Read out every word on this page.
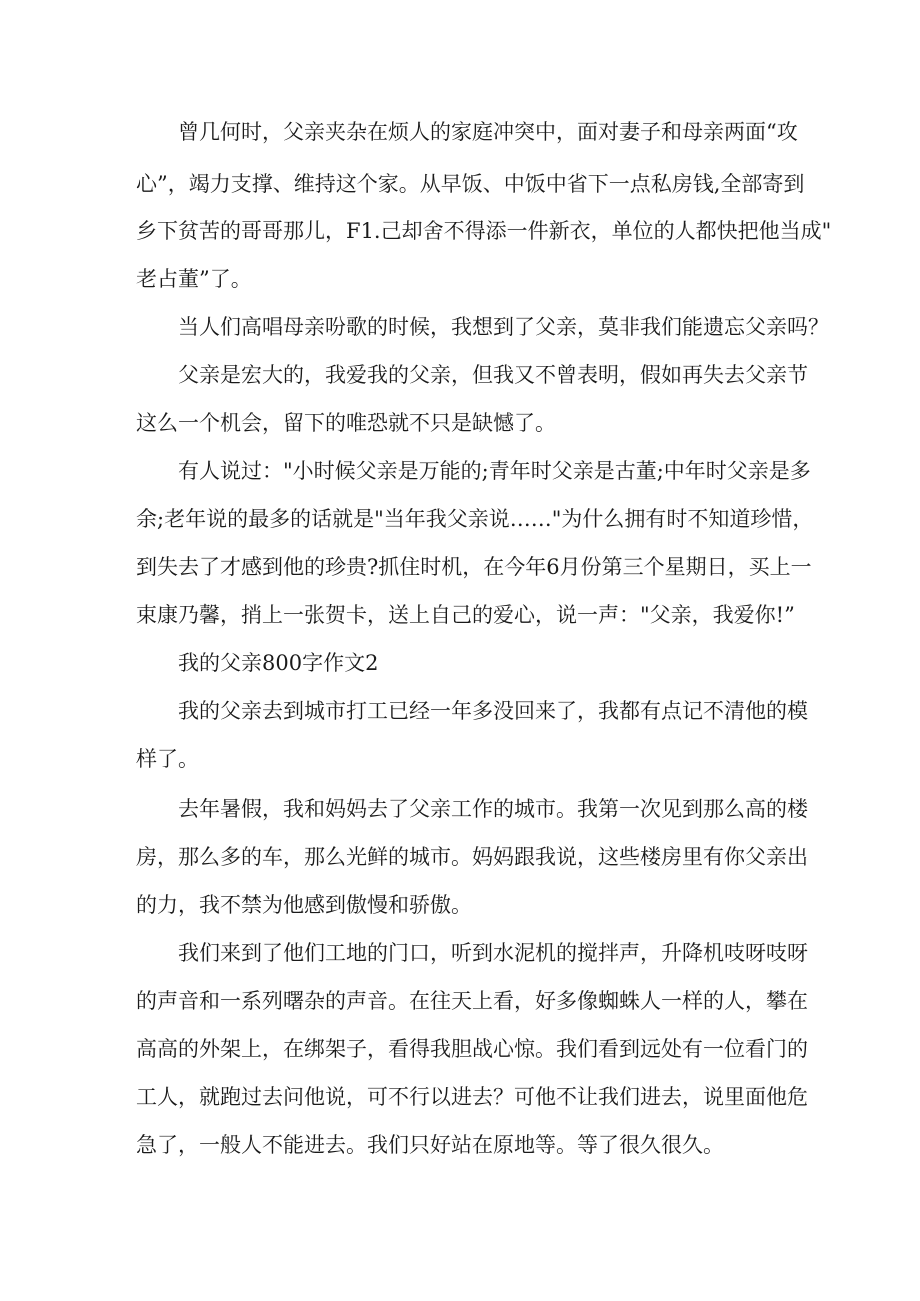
曾几何时，父亲夹杂在烦人的家庭冲突中，面对妻子和母亲两面“攻

心”，竭力支撑、维持这个家。从早饭、中饭中省下一点私房钱,全部寄到

乡下贫苦的哥哥那儿，F1.己却舍不得添一件新衣，单位的人都快把他当成"

老占董”了。

当人们高唱母亲吩歌的时候，我想到了父亲，莫非我们能遗忘父亲吗？

父亲是宏大的，我爱我的父亲，但我又不曾表明，假如再失去父亲节

这么一个机会，留下的唯恐就不只是缺憾了。

有人说过："小时候父亲是万能的;青年时父亲是古董;中年时父亲是多

余;老年说的最多的话就是"当年我父亲说……"为什么拥有时不知道珍惜，

到失去了才感到他的珍贵?抓住时机，在今年6月份第三个星期日，买上一

束康乃馨，捎上一张贺卡，送上自己的爱心，说一声："父亲，我爱你!”

我的父亲800字作文2

我的父亲去到城市打工已经一年多没回来了，我都有点记不清他的模

样了。

去年暑假，我和妈妈去了父亲工作的城市。我第一次见到那么高的楼

房，那么多的车，那么光鲜的城市。妈妈跟我说，这些楼房里有你父亲出

的力，我不禁为他感到傲慢和骄傲。

我们来到了他们工地的门口，听到水泥机的搅拌声，升降机吱呀吱呀

的声音和一系列曙杂的声音。在往天上看，好多像蜘蛛人一样的人，攀在

高高的外架上，在绑架子，看得我胆战心惊。我们看到远处有一位看门的

工人，就跑过去问他说，可不行以进去？可他不让我们进去，说里面他危

急了，一般人不能进去。我们只好站在原地等。等了很久很久。
